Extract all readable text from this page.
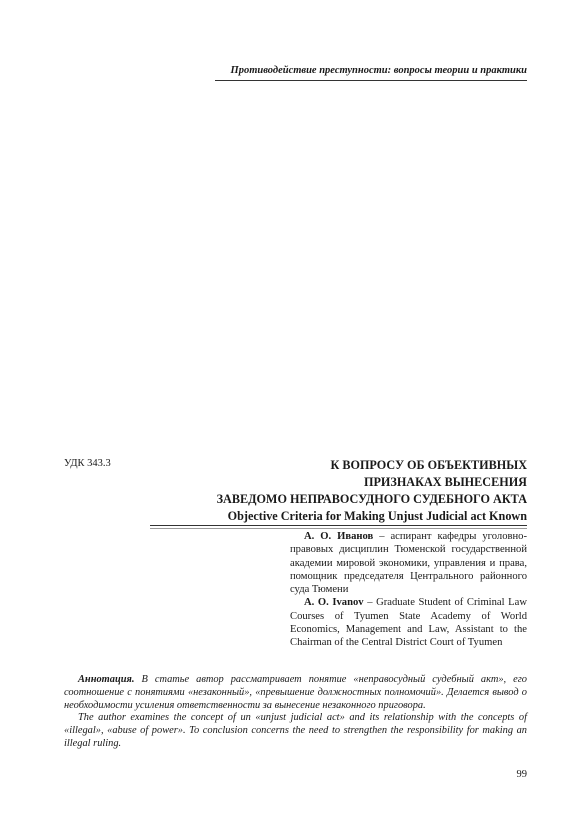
Противодействие преступности: вопросы теории и практики
УДК 343.3	К ВОПРОСУ ОБ ОБЪЕКТИВНЫХ
ПРИЗНАКАХ ВЫНЕСЕНИЯ
ЗАВЕДОМО НЕПРАВОСУДНОГО СУДЕБНОГО АКТА
Objective Criteria for Making Unjust Judicial act Known

А. О. Иванов – аспирант кафедры уголовно-правовых дисциплин Тюменской государственной академии мировой экономики, управления и права, помощник председателя Центрального районного суда Тюмени

A. O. Ivanov – Graduate Student of Criminal Law Courses of Tyumen State Academy of World Economics, Management and Law, Assistant to the Chairman of the Central District Court of Tyumen

Аннотация. В статье автор рассматривает понятие «неправосудный судебный акт», его соотношение с понятиями «незаконный», «превышение должностных полномочий». Делается вывод о необходимости усиления ответственности за вынесение незаконного приговора.

The author examines the concept of un «unjust judicial act» and its relationship with the concepts of «illegal», «abuse of power». To conclusion concerns the need to strengthen the responsibility for making an illegal ruling.

99
